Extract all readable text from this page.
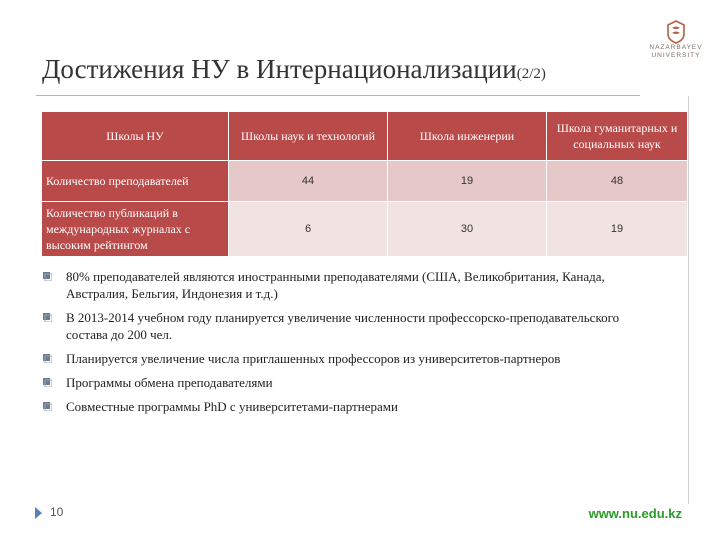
Достижения НУ в Интернационализации(2/2)
NAZARBAYEV
UNIVERSITY
Школы НУ	Школы наук и технологий	Школа инженерии	Школа гуманитарных и социальных наук
Количество преподавателей	44	19	48
Количество публикаций в международных журналах с высоким рейтингом	6	30	19
80% преподавателей являются иностранными преподавателями (США, Великобритания, Канада, Австралия, Бельгия, Индонезия и т.д.)
В 2013-2014 учебном году планируется увеличение численности профессорско-преподавательского состава до 200 чел.
Планируется увеличение числа приглашенных профессоров из университетов-партнеров
Программы обмена преподавателями
Совместные программы PhD с университетами-партнерами
10	www.nu.edu.kz
